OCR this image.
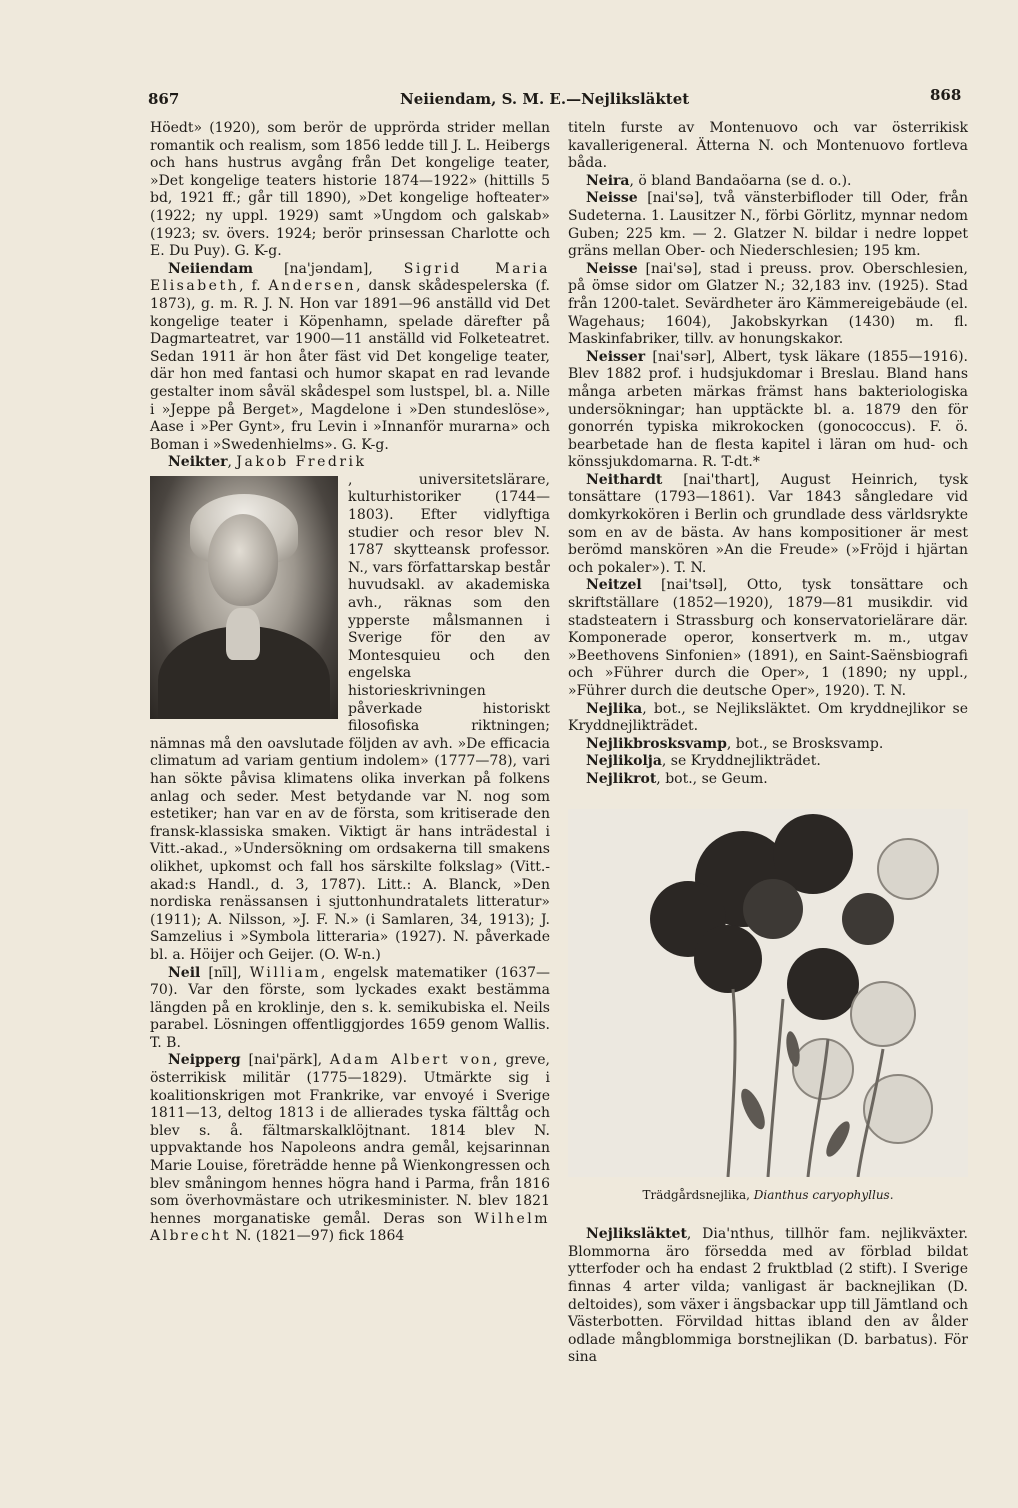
867	Neiiendam, S. M. E.—Nejliksläktet	868

Höedt» (1920), som berör de upprörda strider mellan romantik och realism, som 1856 ledde till J. L. Heibergs och hans hustrus avgång från Det kongelige teater, »Det kongelige teaters historie 1874—1922» (hittills 5 bd, 1921 ff.; går till 1890), »Det kongelige hofteater» (1922; ny uppl. 1929) samt »Ungdom och galskab» (1923; sv. övers. 1924; berör prinsessan Charlotte och E. Du Puy). G. K-g.

Neiiendam [na'jəndam], Sigrid Maria Elisabeth, f. Andersen, dansk skådespelerska (f. 1873), g. m. R. J. N. Hon var 1891—96 anställd vid Det kongelige teater i Köpenhamn, spelade därefter på Dagmarteatret, var 1900—11 anställd vid Folketeatret. Sedan 1911 är hon åter fäst vid Det kongelige teater, där hon med fantasi och humor skapat en rad levande gestalter inom såväl skådespel som lustspel, bl. a. Nille i »Jeppe på Berget», Magdelone i »Den stundeslöse», Aase i »Per Gynt», fru Levin i »Innanför murarna» och Boman i »Swedenhielms». G. K-g.

Neikter, Jakob Fredrik

, universitetslärare, kulturhistoriker (1744—1803). Efter vidlyftiga studier och resor blev N. 1787 skytteansk professor. N., vars författarskap består huvudsakl. av akademiska avh., räknas som den ypperste målsmannen i Sverige för den av Montesquieu och den engelska historieskrivningen påverkade historiskt filosofiska riktningen; nämnas må den oavslutade följden av avh. »De efficacia climatum ad variam gentium indolem» (1777—78), vari han sökte påvisa klimatens olika inverkan på folkens anlag och seder. Mest betydande var N. nog som estetiker; han var en av de första, som kritiserade den fransk-klassiska smaken. Viktigt är hans inträdestal i Vitt.-akad., »Undersökning om ordsakerna till smakens olikhet, upkomst och fall hos särskilte folkslag» (Vitt.-akad:s Handl., d. 3, 1787). Litt.: A. Blanck, »Den nordiska renässansen i sjuttonhundratalets litteratur» (1911); A. Nilsson, »J. F. N.» (i Samlaren, 34, 1913); J. Samzelius i »Symbola litteraria» (1927). N. påverkade bl. a. Höijer och Geijer. (O. W-n.)

Neil [nīl], William, engelsk matematiker (1637—70). Var den förste, som lyckades exakt bestämma längden på en kroklinje, den s. k. semikubiska el. Neils parabel. Lösningen offentliggjordes 1659 genom Wallis. T. B.

Neipperg [nai'pärk], Adam Albert von, greve, österrikisk militär (1775—1829). Utmärkte sig i koalitionskrigen mot Frankrike, var envoyé i Sverige 1811—13, deltog 1813 i de allierades tyska fälttåg och blev s. å. fältmarskalklöjtnant. 1814 blev N. uppvaktande hos Napoleons andra gemål, kejsarinnan Marie Louise, företrädde henne på Wienkongressen och blev småningom hennes högra hand i Parma, från 1816 som överhovmästare och utrikesminister. N. blev 1821 hennes morganatiske gemål. Deras son Wilhelm Albrecht N. (1821—97) fick 1864

titeln furste av Montenuovo och var österrikisk kavallerigeneral. Ätterna N. och Montenuovo fortleva båda.

Neira, ö bland Bandaöarna (se d. o.).

Neisse [nai'sə], två vänsterbifloder till Oder, från Sudeterna. 1. Lausitzer N., förbi Görlitz, mynnar nedom Guben; 225 km. — 2. Glatzer N. bildar i nedre loppet gräns mellan Ober- och Niederschlesien; 195 km.

Neisse [nai'sə], stad i preuss. prov. Oberschlesien, på ömse sidor om Glatzer N.; 32,183 inv. (1925). Stad från 1200-talet. Sevärdheter äro Kämmereigebäude (el. Wagehaus; 1604), Jakobskyrkan (1430) m. fl. Maskinfabriker, tillv. av honungskakor.

Neisser [nai'sər], Albert, tysk läkare (1855—1916). Blev 1882 prof. i hudsjukdomar i Breslau. Bland hans många arbeten märkas främst hans bakteriologiska undersökningar; han upptäckte bl. a. 1879 den för gonorrén typiska mikrokocken (gonococcus). F. ö. bearbetade han de flesta kapitel i läran om hud- och könssjukdomarna. R. T-dt.*

Neithardt [nai'thart], August Heinrich, tysk tonsättare (1793—1861). Var 1843 sångledare vid domkyrkokören i Berlin och grundlade dess världsrykte som en av de bästa. Av hans kompositioner är mest berömd manskören »An die Freude» (»Fröjd i hjärtan och pokaler»). T. N.

Neitzel [nai'tsəl], Otto, tysk tonsättare och skriftställare (1852—1920), 1879—81 musikdir. vid stadsteatern i Strassburg och konservatorielärare där. Komponerade operor, konsertverk m. m., utgav »Beethovens Sinfonien» (1891), en Saint-Saënsbiografi och »Führer durch die Oper», 1 (1890; ny uppl., »Führer durch die deutsche Oper», 1920). T. N.

Nejlika, bot., se Nejliksläktet. Om kryddnejlikor se Kryddnejlikträdet.

Nejlikbrosksvamp, bot., se Brosksvamp.

Nejlikolja, se Kryddnejlikträdet.

Nejlikrot, bot., se Geum.

Trädgårdsnejlika, Dianthus caryophyllus.

Nejliksläktet, Dia'nthus, tillhör fam. nejlikväxter. Blommorna äro försedda med av förblad bildat ytterfoder och ha endast 2 fruktblad (2 stift). I Sverige finnas 4 arter vilda; vanligast är backnejlikan (D. deltoides), som växer i ängsbackar upp till Jämtland och Västerbotten. Förvildad hittas ibland den av ålder odlade mångblommiga borstnejlikan (D. barbatus). För sina
